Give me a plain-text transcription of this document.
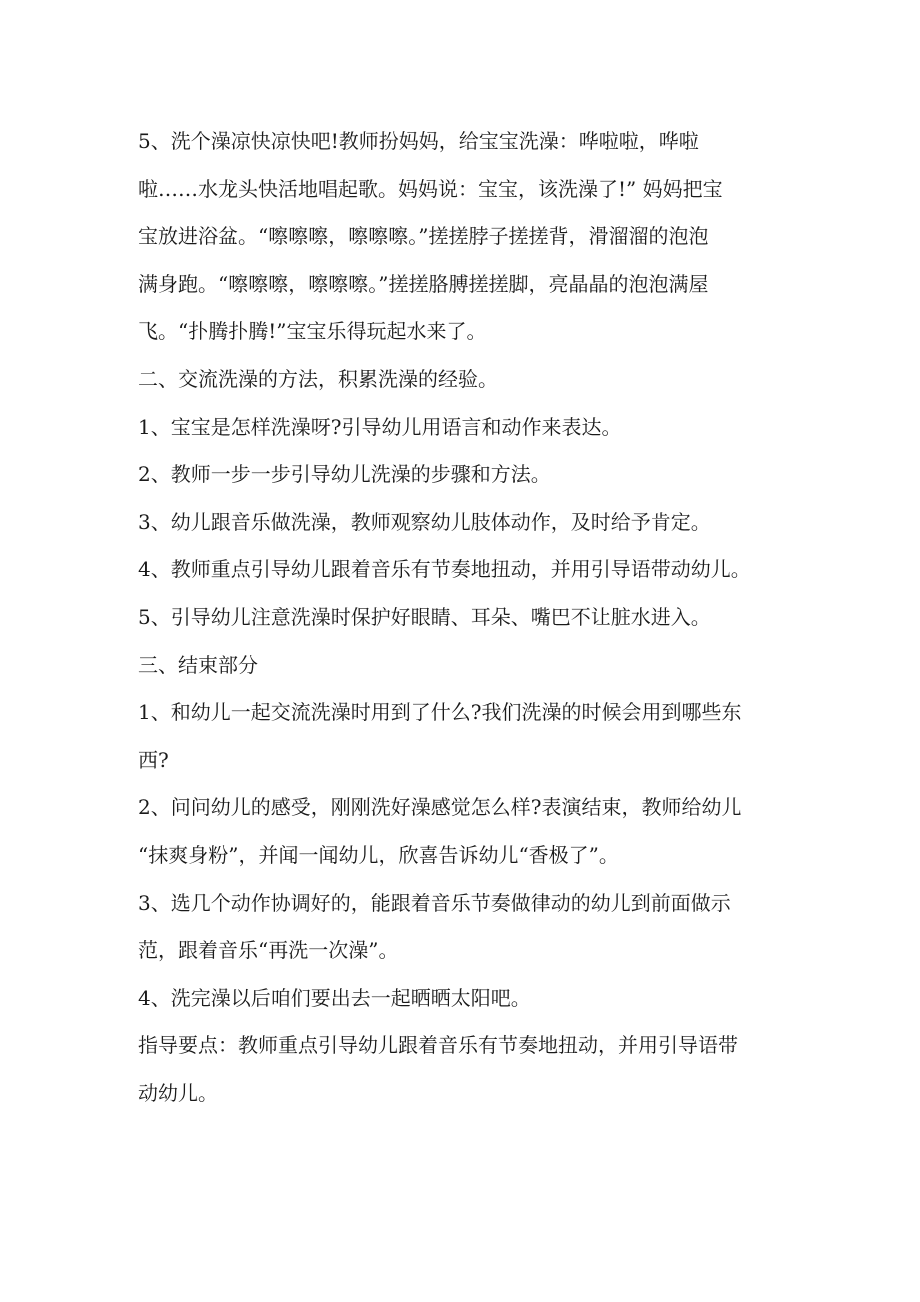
5、洗个澡凉快凉快吧!教师扮妈妈，给宝宝洗澡：哗啦啦，哗啦
啦……水龙头快活地唱起歌。妈妈说：宝宝，该洗澡了!” 妈妈把宝
宝放进浴盆。“嚓嚓嚓，嚓嚓嚓。”搓搓脖子搓搓背，滑溜溜的泡泡
满身跑。“嚓嚓嚓，嚓嚓嚓。”搓搓胳膊搓搓脚，亮晶晶的泡泡满屋
飞。“扑腾扑腾!”宝宝乐得玩起水来了。
二、交流洗澡的方法，积累洗澡的经验。
1、宝宝是怎样洗澡呀?引导幼儿用语言和动作来表达。
2、教师一步一步引导幼儿洗澡的步骤和方法。
3、幼儿跟音乐做洗澡，教师观察幼儿肢体动作，及时给予肯定。
4、教师重点引导幼儿跟着音乐有节奏地扭动，并用引导语带动幼儿。
5、引导幼儿注意洗澡时保护好眼睛、耳朵、嘴巴不让脏水进入。
三、结束部分
1、和幼儿一起交流洗澡时用到了什么?我们洗澡的时候会用到哪些东
西?
2、问问幼儿的感受，刚刚洗好澡感觉怎么样?表演结束，教师给幼儿
“抹爽身粉”，并闻一闻幼儿，欣喜告诉幼儿“香极了”。
3、选几个动作协调好的，能跟着音乐节奏做律动的幼儿到前面做示
范，跟着音乐“再洗一次澡”。
4、洗完澡以后咱们要出去一起晒晒太阳吧。
指导要点：教师重点引导幼儿跟着音乐有节奏地扭动，并用引导语带
动幼儿。
